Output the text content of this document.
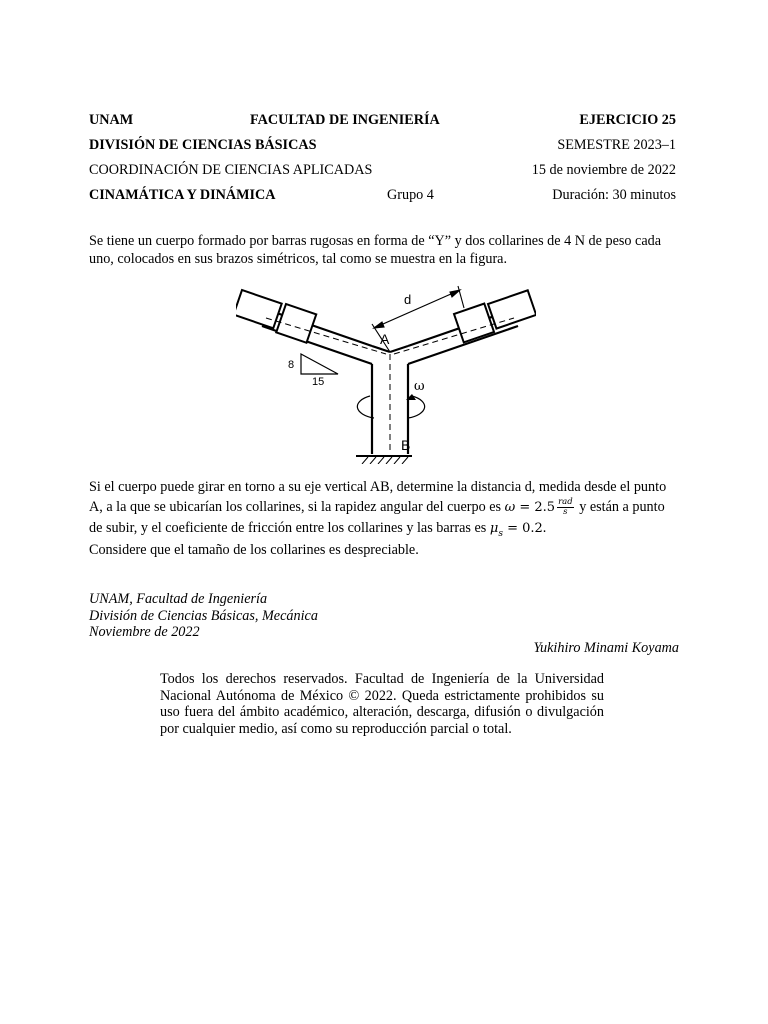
UNAM	FACULTAD DE INGENIERÍA	EJERCICIO 25
DIVISIÓN DE CIENCIAS BÁSICAS	SEMESTRE 2023–1
COORDINACIÓN DE CIENCIAS APLICADAS	15 de noviembre de 2022
CINAMÁTICA Y DINÁMICA	Grupo 4	Duración: 30 minutos
Se tiene un cuerpo formado por barras rugosas en forma de “Y” y dos collarines de 4 N de peso cada uno, colocados en sus brazos simétricos, tal como se muestra en la figura.
d
A
B
ω
8
15
Si el cuerpo puede girar en torno a su eje vertical AB, determine la distancia d, medida desde el punto A, a la que se ubicarían los collarines, si la rapidez angular del cuerpo es $\omega = 2.5 \frac{\text{rad}}{s}$ y están a punto de subir, y el coeficiente de fricción entre los collarines y las barras es $\mu_s = 0.2$.
Considere que el tamaño de los collarines es despreciable.
UNAM, Facultad de Ingeniería
División de Ciencias Básicas, Mecánica
Noviembre de 2022
Yukihiro Minami Koyama
Todos los derechos reservados. Facultad de Ingeniería de la Universidad Nacional Autónoma de México © 2022. Queda estrictamente prohibidos su uso fuera del ámbito académico, alteración, descarga, difusión o divulgación por cualquier medio, así como su reproducción parcial o total.
